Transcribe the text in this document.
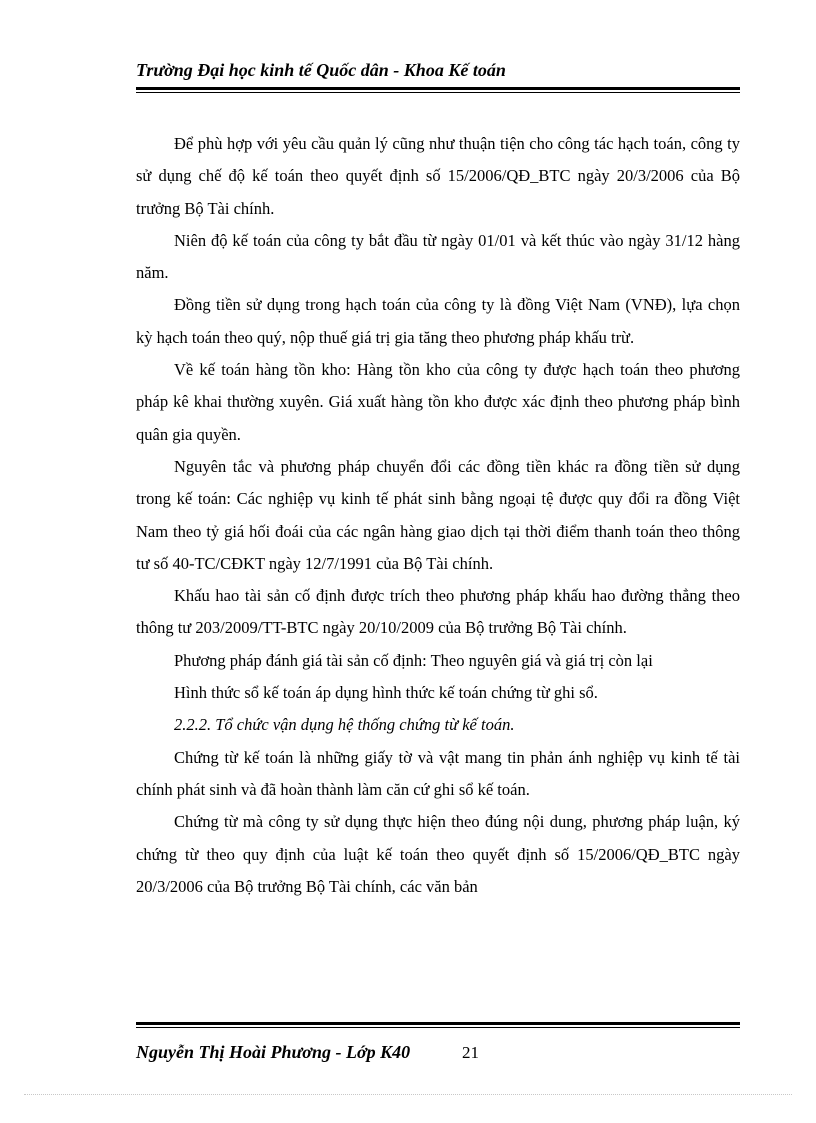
Trường Đại học kinh tế Quốc dân - Khoa Kế toán

Để phù hợp với yêu cầu quản lý cũng như thuận tiện cho công tác hạch toán, công ty sử dụng chế độ kế toán theo quyết định số 15/2006/QĐ_BTC ngày 20/3/2006 của Bộ trưởng Bộ Tài chính.

Niên độ kế toán của công ty bắt đầu từ ngày 01/01 và kết thúc vào ngày 31/12 hàng năm.

Đồng tiền sử dụng trong hạch toán của công ty là đồng Việt Nam (VNĐ), lựa chọn kỳ hạch toán theo quý, nộp thuế giá trị gia tăng theo phương pháp khấu trừ.

Về kế toán hàng tồn kho: Hàng tồn kho của công ty được hạch toán theo phương pháp kê khai thường xuyên. Giá xuất hàng tồn kho được xác định theo phương pháp bình quân gia quyền.

Nguyên tắc và phương pháp chuyển đổi các đồng tiền khác ra đồng tiền sử dụng trong kế toán: Các nghiệp vụ kinh tế phát sinh bằng ngoại tệ được quy đổi ra đồng Việt Nam theo tỷ giá hối đoái của các ngân hàng giao dịch tại thời điểm thanh toán theo thông tư số 40-TC/CĐKT ngày 12/7/1991 của Bộ Tài chính.

Khấu hao tài sản cố định được trích theo phương pháp khấu hao đường thẳng theo thông tư 203/2009/TT-BTC ngày 20/10/2009 của Bộ trưởng Bộ Tài chính.

Phương pháp đánh giá tài sản cố định: Theo nguyên giá và giá trị còn lại

Hình thức sổ kế toán áp dụng hình thức kế toán chứng từ ghi sổ.

2.2.2. Tổ chức vận dụng hệ thống chứng từ kế toán.

Chứng từ kế toán là những giấy tờ và vật mang tin phản ánh nghiệp vụ kinh tế tài chính phát sinh và đã hoàn thành làm căn cứ ghi sổ kế toán.

Chứng từ mà công ty sử dụng thực hiện theo đúng nội dung, phương pháp luận, ký chứng từ theo quy định của luật kế toán theo quyết định số 15/2006/QĐ_BTC ngày 20/3/2006 của Bộ trưởng Bộ Tài chính, các văn bản

Nguyễn Thị Hoài Phương - Lớp K40	21
